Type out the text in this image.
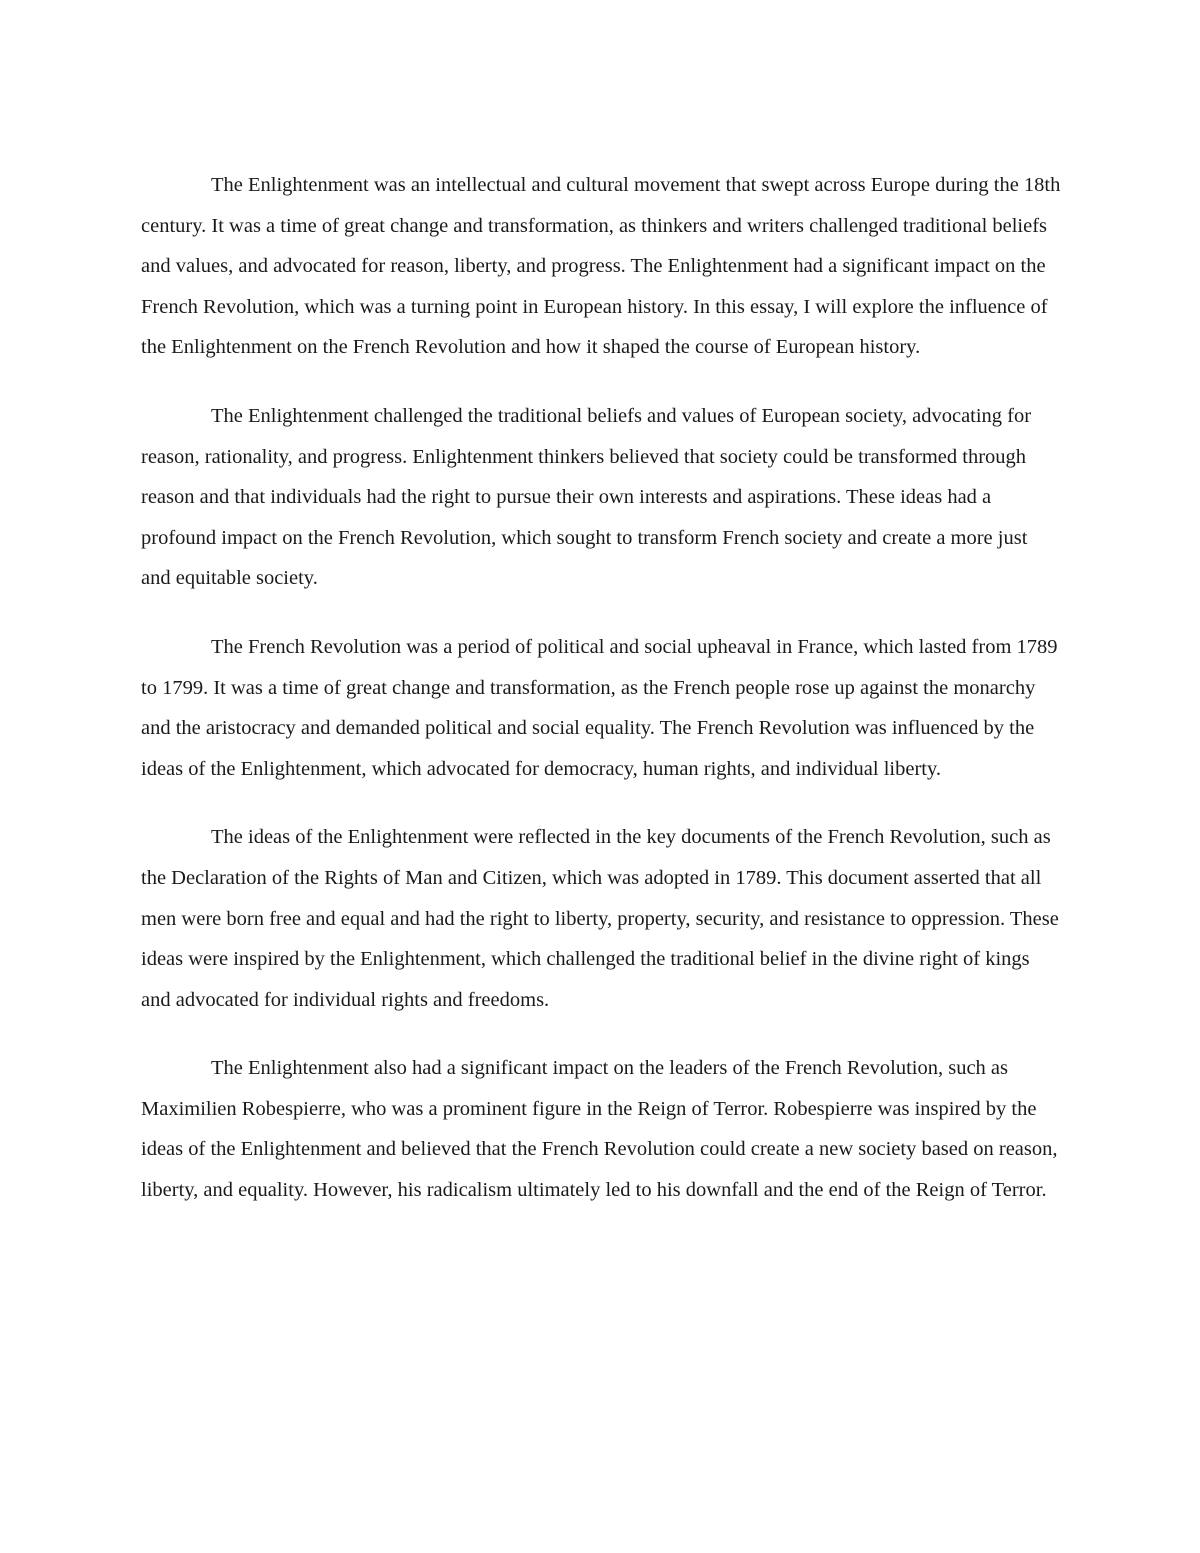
The Enlightenment was an intellectual and cultural movement that swept across Europe during the 18th century. It was a time of great change and transformation, as thinkers and writers challenged traditional beliefs and values, and advocated for reason, liberty, and progress. The Enlightenment had a significant impact on the French Revolution, which was a turning point in European history. In this essay, I will explore the influence of the Enlightenment on the French Revolution and how it shaped the course of European history.

The Enlightenment challenged the traditional beliefs and values of European society, advocating for reason, rationality, and progress. Enlightenment thinkers believed that society could be transformed through reason and that individuals had the right to pursue their own interests and aspirations. These ideas had a profound impact on the French Revolution, which sought to transform French society and create a more just and equitable society.

The French Revolution was a period of political and social upheaval in France, which lasted from 1789 to 1799. It was a time of great change and transformation, as the French people rose up against the monarchy and the aristocracy and demanded political and social equality. The French Revolution was influenced by the ideas of the Enlightenment, which advocated for democracy, human rights, and individual liberty.

The ideas of the Enlightenment were reflected in the key documents of the French Revolution, such as the Declaration of the Rights of Man and Citizen, which was adopted in 1789. This document asserted that all men were born free and equal and had the right to liberty, property, security, and resistance to oppression. These ideas were inspired by the Enlightenment, which challenged the traditional belief in the divine right of kings and advocated for individual rights and freedoms.

The Enlightenment also had a significant impact on the leaders of the French Revolution, such as Maximilien Robespierre, who was a prominent figure in the Reign of Terror. Robespierre was inspired by the ideas of the Enlightenment and believed that the French Revolution could create a new society based on reason, liberty, and equality. However, his radicalism ultimately led to his downfall and the end of the Reign of Terror.
